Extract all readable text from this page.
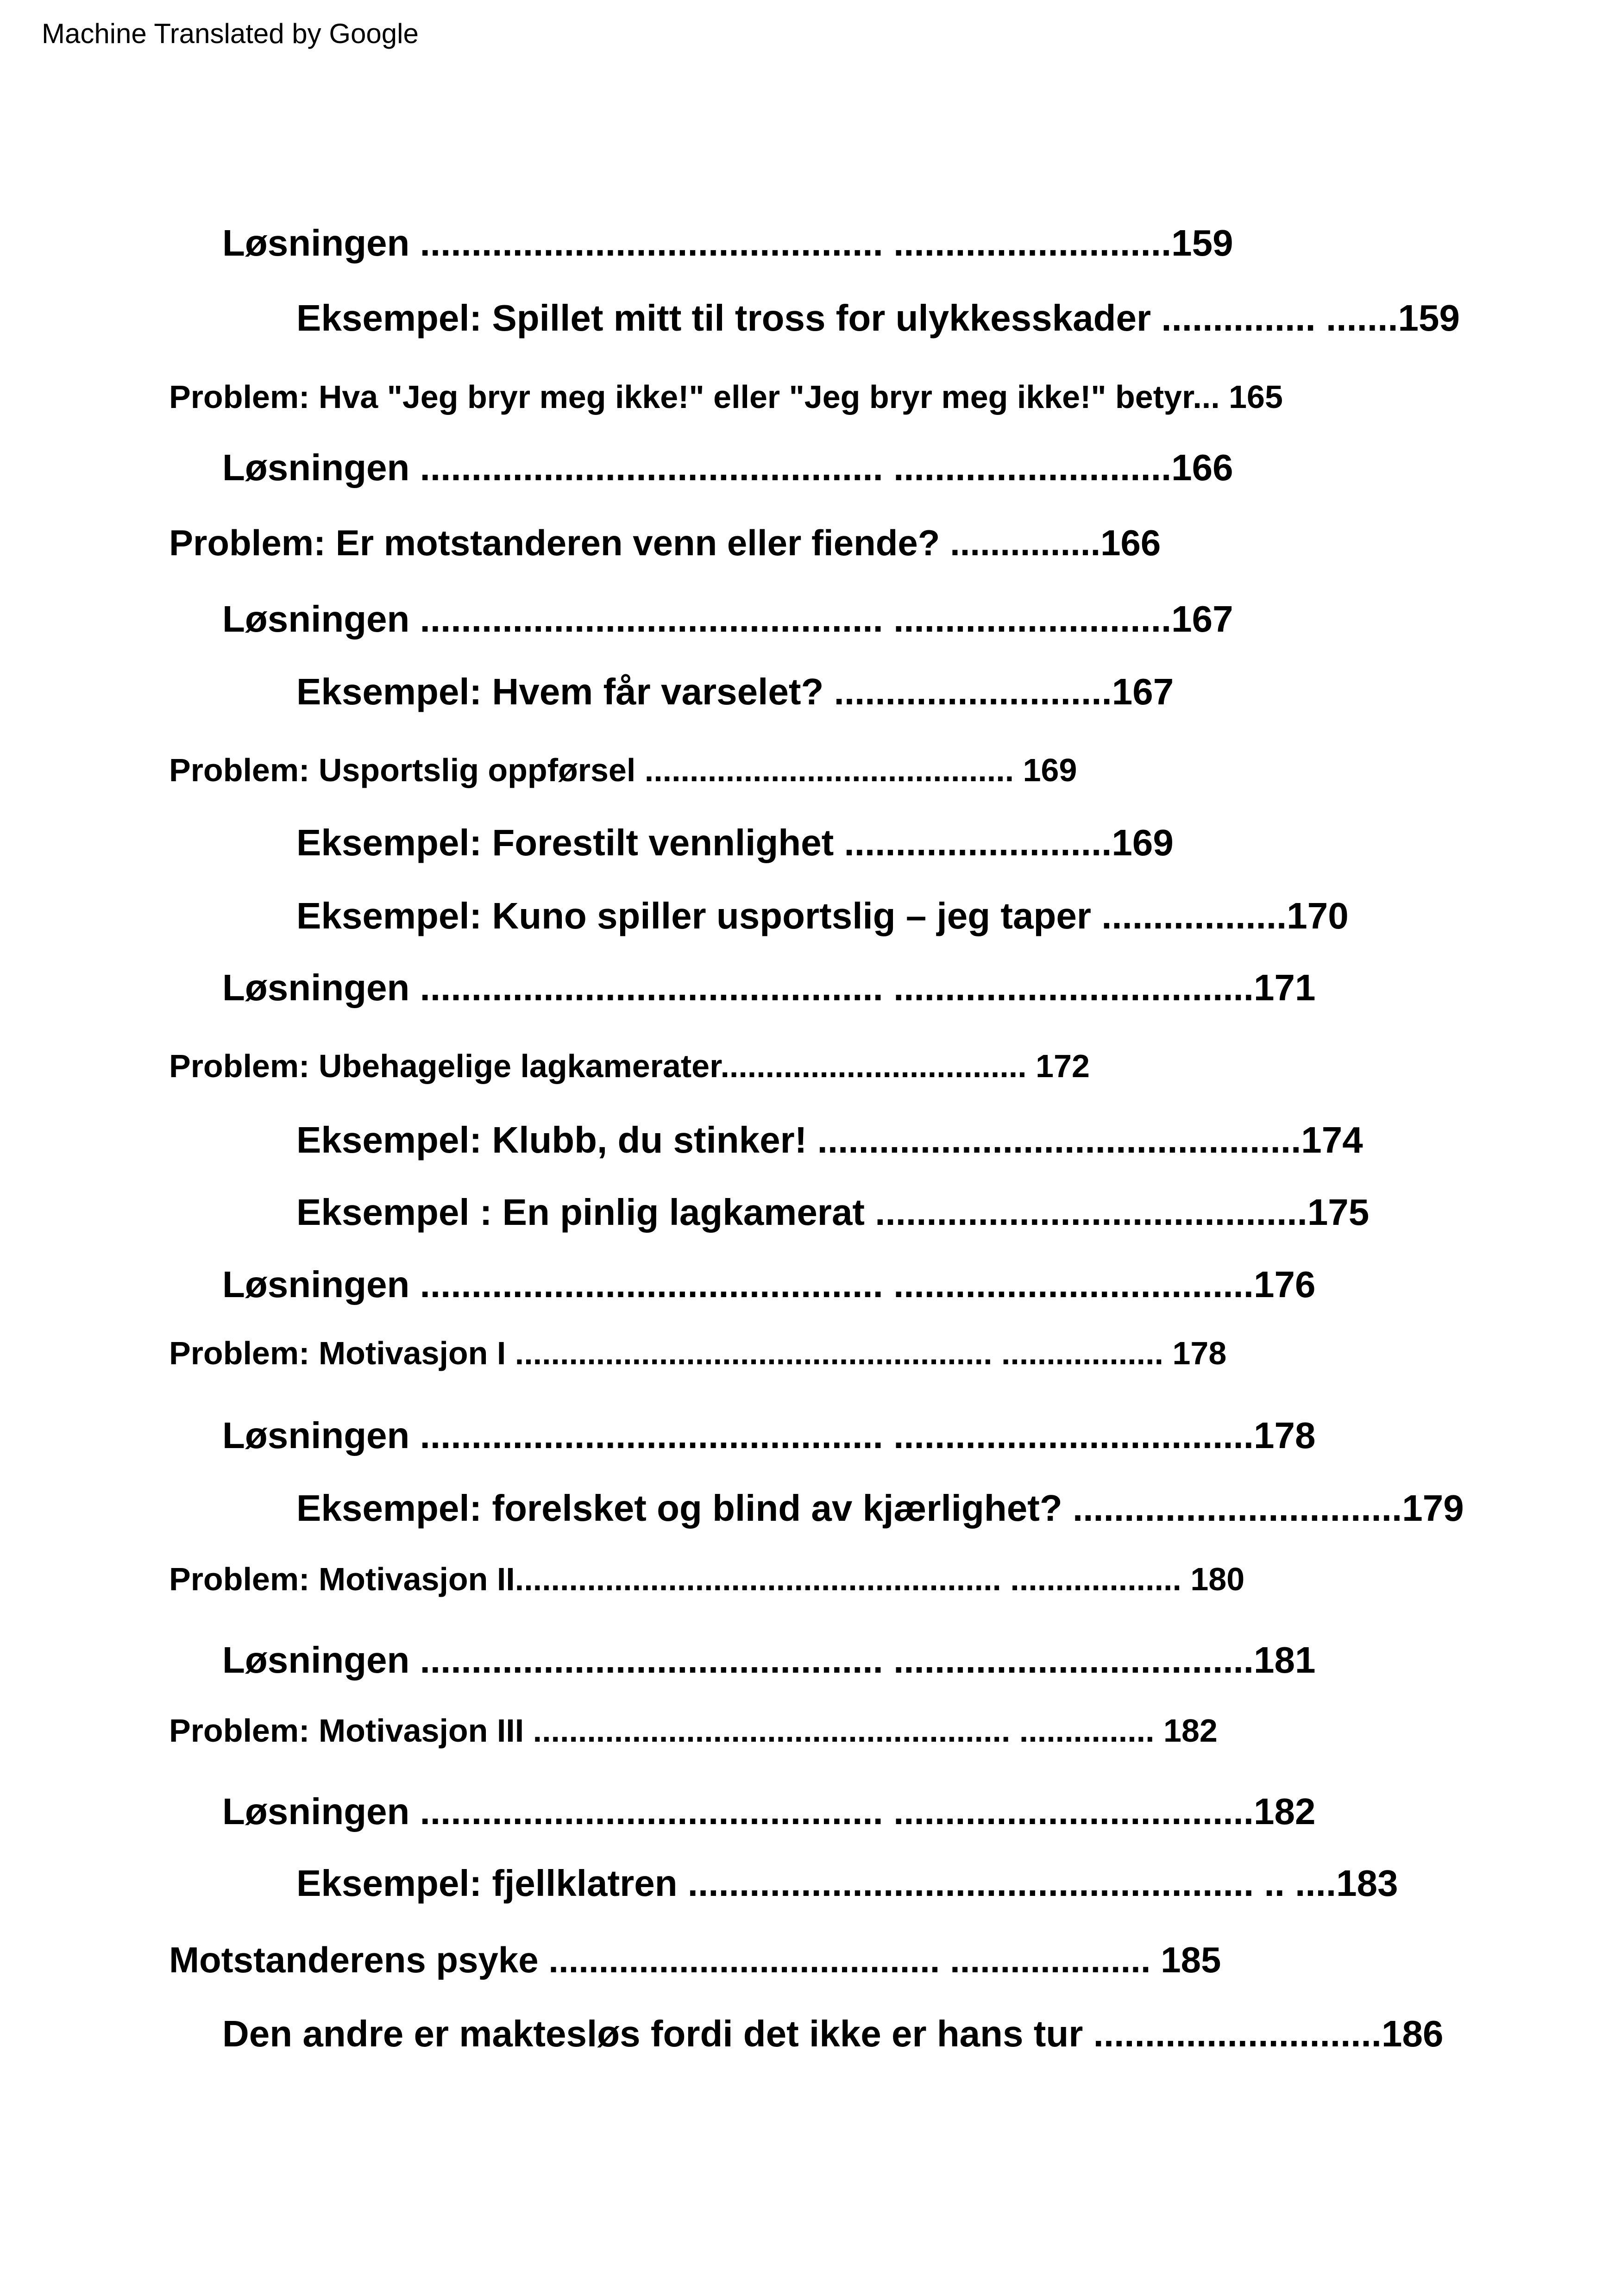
Machine Translated by Google
Løsningen ............................................. ...........................159
Eksempel: Spillet mitt til tross for ulykkesskader ............... .......159
Problem: Hva "Jeg bryr meg ikke!" eller "Jeg bryr meg ikke!" betyr... 165
Løsningen ............................................. ...........................166
Problem: Er motstanderen venn eller fiende? ...............166
Løsningen ............................................. ...........................167
Eksempel: Hvem får varselet? ...........................167
Problem: Usportslig oppførsel ......................................... 169
Eksempel: Forestilt vennlighet ..........................169
Eksempel: Kuno spiller usportslig – jeg taper ..................170
Løsningen ............................................. ...................................171
Problem: Ubehagelige lagkamerater.................................. 172
Eksempel: Klubb, du stinker! ...............................................174
Eksempel : En pinlig lagkamerat ..........................................175
Løsningen ............................................. ...................................176
Problem: Motivasjon I ..................................................... .................. 178
Løsningen ............................................. ...................................178
Eksempel: forelsket og blind av kjærlighet? ................................179
Problem: Motivasjon II...................................................... ................... 180
Løsningen ............................................. ...................................181
Problem: Motivasjon III ..................................................... ............... 182
Løsningen ............................................. ...................................182
Eksempel: fjellklatren ....................................................... .. ....183
Motstanderens psyke ....................................... .................... 185
Den andre er maktesløs fordi det ikke er hans tur ............................186
